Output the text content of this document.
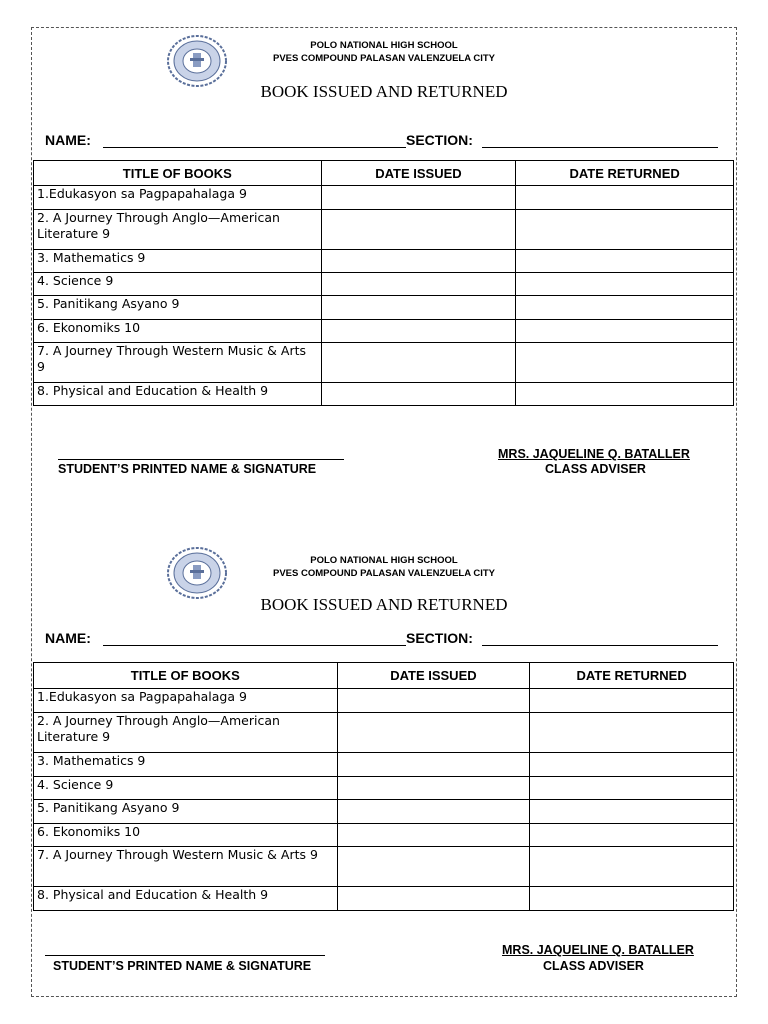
POLO NATIONAL HIGH SCHOOL
PVES COMPOUND PALASAN VALENZUELA CITY
BOOK ISSUED AND RETURNED
NAME:	SECTION:
TITLE OF BOOKS	DATE ISSUED	DATE RETURNED
1.Edukasyon sa Pagpapahalaga 9		
2. A Journey Through Anglo—American Literature 9		
3. Mathematics 9		
4. Science 9		
5. Panitikang Asyano 9		
6. Ekonomiks 10		
7. A Journey Through Western Music & Arts 9		
8. Physical and Education & Health 9		
STUDENT’S PRINTED NAME & SIGNATURE
MRS. JAQUELINE Q. BATALLER
CLASS ADVISER
POLO NATIONAL HIGH SCHOOL
PVES COMPOUND PALASAN VALENZUELA CITY
BOOK ISSUED AND RETURNED
NAME:	SECTION:
TITLE OF BOOKS	DATE ISSUED	DATE RETURNED
1.Edukasyon sa Pagpapahalaga 9		
2. A Journey Through Anglo—American Literature 9		
3. Mathematics 9		
4. Science 9		
5. Panitikang Asyano 9		
6. Ekonomiks 10		
7. A Journey Through Western Music & Arts 9		
8. Physical and Education & Health 9		
STUDENT’S PRINTED NAME & SIGNATURE
MRS. JAQUELINE Q. BATALLER
CLASS ADVISER
